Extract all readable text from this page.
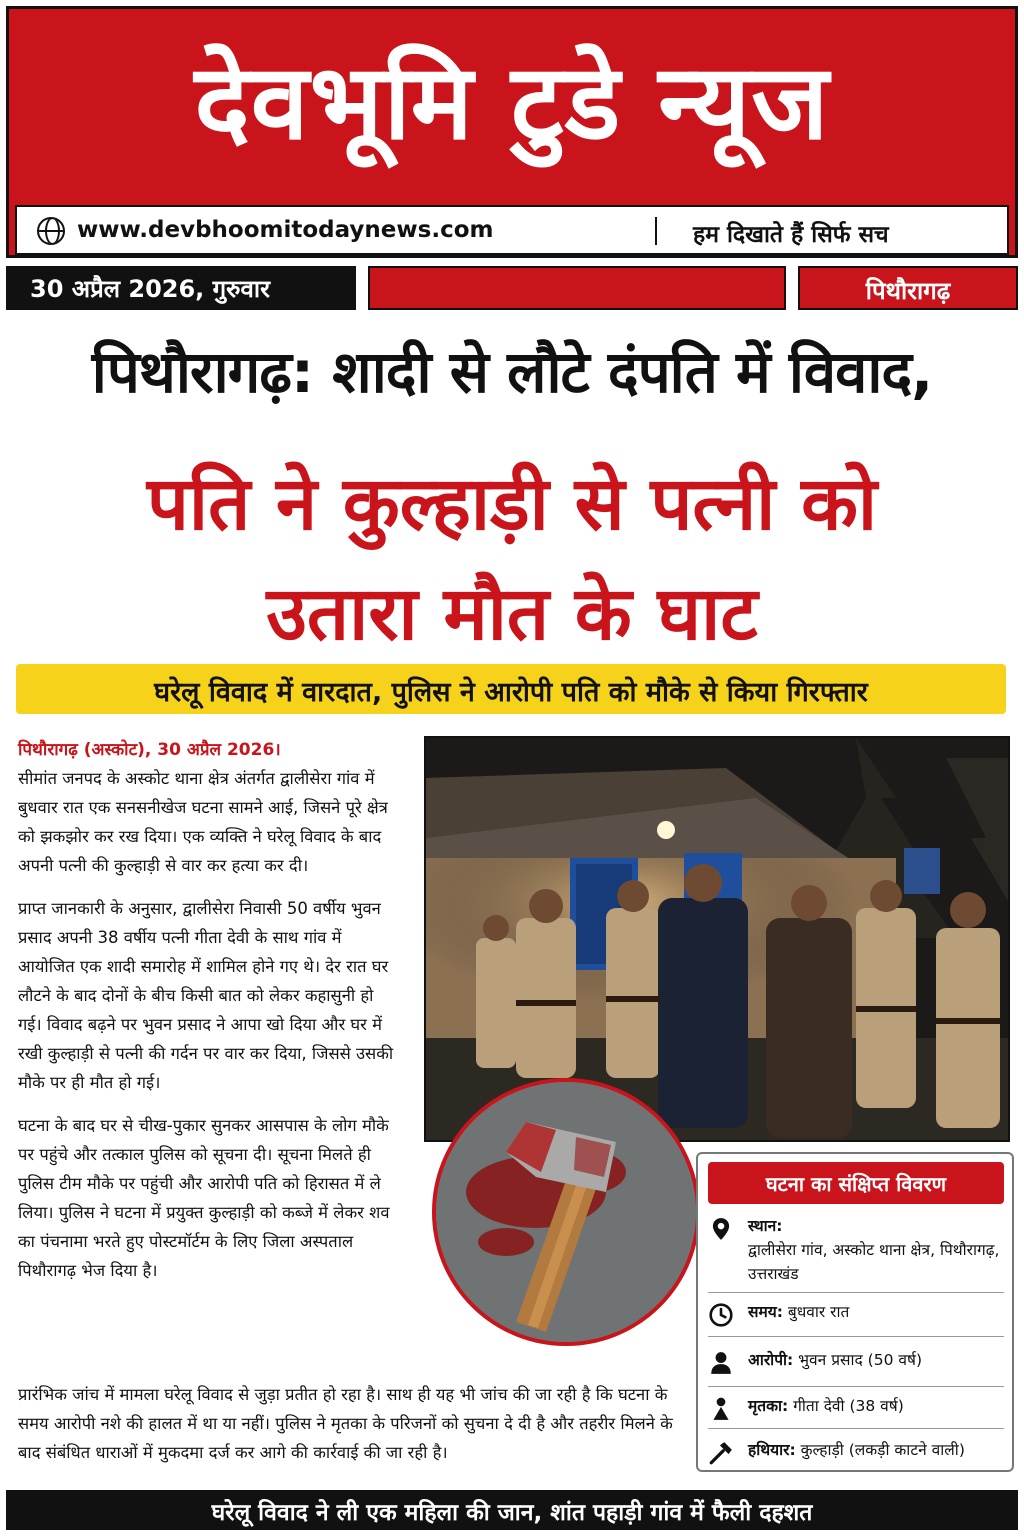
देवभूमि टुडे न्यूज
www.devbhoomitodaynews.com	हम दिखाते हैं सिर्फ सच
30 अप्रैल 2026, गुरुवार	पिथौरागढ़
पिथौरागढ़: शादी से लौटे दंपति में विवाद,
पति ने कुल्हाड़ी से पत्नी को
उतारा मौत के घाट
घरेलू विवाद में वारदात, पुलिस ने आरोपी पति को मौके से किया गिरफ्तार

पिथौरागढ़ (अस्कोट), 30 अप्रैल 2026।

सीमांत जनपद के अस्कोट थाना क्षेत्र अंतर्गत द्वालीसेरा गांव में बुधवार रात एक सनसनीखेज घटना सामने आई, जिसने पूरे क्षेत्र को झकझोर कर रख दिया। एक व्यक्ति ने घरेलू विवाद के बाद अपनी पत्नी की कुल्हाड़ी से वार कर हत्या कर दी।

प्राप्त जानकारी के अनुसार, द्वालीसेरा निवासी 50 वर्षीय भुवन प्रसाद अपनी 38 वर्षीय पत्नी गीता देवी के साथ गांव में आयोजित एक शादी समारोह में शामिल होने गए थे। देर रात घर लौटने के बाद दोनों के बीच किसी बात को लेकर कहासुनी हो गई। विवाद बढ़ने पर भुवन प्रसाद ने आपा खो दिया और घर में रखी कुल्हाड़ी से पत्नी की गर्दन पर वार कर दिया, जिससे उसकी मौके पर ही मौत हो गई।

घटना के बाद घर से चीख-पुकार सुनकर आसपास के लोग मौके पर पहुंचे और तत्काल पुलिस को सूचना दी। सूचना मिलते ही पुलिस टीम मौके पर पहुंची और आरोपी पति को हिरासत में ले लिया। पुलिस ने घटना में प्रयुक्त कुल्हाड़ी को कब्जे में लेकर शव का पंचनामा भरते हुए पोस्टमॉर्टम के लिए जिला अस्पताल पिथौरागढ़ भेज दिया है।

प्रारंभिक जांच में मामला घरेलू विवाद से जुड़ा प्रतीत हो रहा है। साथ ही यह भी जांच की जा रही है कि घटना के समय आरोपी नशे की हालत में था या नहीं। पुलिस ने मृतका के परिजनों को सुचना दे दी है और तहरीर मिलने के बाद संबंधित धाराओं में मुकदमा दर्ज कर आगे की कार्रवाई की जा रही है।

घटना का संक्षिप्त विवरण
स्थान:
द्वालीसेरा गांव, अस्कोट थाना क्षेत्र, पिथौरागढ़, उत्तराखंड
समय: बुधवार रात
आरोपी: भुवन प्रसाद (50 वर्ष)
मृतका: गीता देवी (38 वर्ष)
हथियार: कुल्हाड़ी (लकड़ी काटने वाली)
घरेलू विवाद ने ली एक महिला की जान, शांत पहाड़ी गांव में फैली दहशत
